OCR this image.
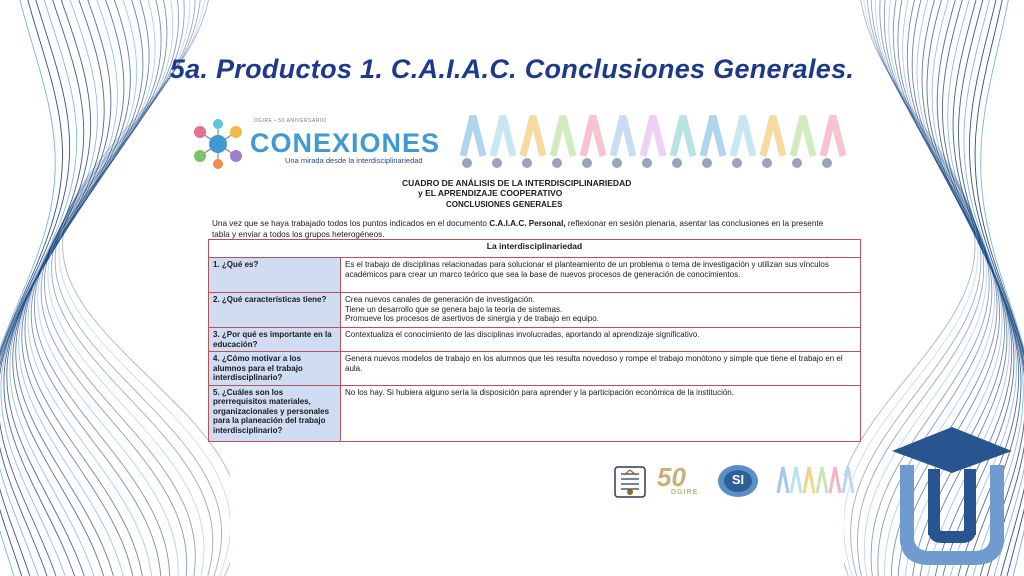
5a. Productos 1. C.A.I.A.C. Conclusiones Generales.
DGIRE • 50 ANIVERSARIO
CONEXIONES
Una mirada desde la interdisciplinariedad
CUADRO DE ANÁLISIS DE LA INTERDISCIPLINARIEDAD
y EL APRENDIZAJE COOPERATIVO
CONCLUSIONES GENERALES
Una vez que se haya trabajado todos los puntos indicados en el documento C.A.I.A.C. Personal, reflexionar en sesión plenaria, asentar las conclusiones en la presente tabla y enviar a todos los grupos heterogéneos.
La interdisciplinariedad	
1. ¿Qué es?	Es el trabajo de disciplinas relacionadas para solucionar el planteamiento de un problema o tema de investigación y utilizan sus vínculos académicos para crear un marco teórico que sea la base de nuevos procesos de generación de conocimientos.
2. ¿Qué características tiene?	Crea nuevos canales de generación de investigación.
Tiene un desarrollo que se genera bajo la teoría de sistemas.
Promueve los procesos de asertivos de sinergia y de trabajo en equipo.
3. ¿Por qué es importante en la educación?	Contextualiza el conocimiento de las disciplinas involucradas, aportando al aprendizaje significativo.
4. ¿Cómo motivar a los alumnos para el trabajo interdisciplinario?	Genera nuevos modelos de trabajo en los alumnos que les resulta novedoso y rompe el trabajo monótono y simple que tiene el trabajo en el aula.
5. ¿Cuáles son los prerrequisitos materiales, organizacionales y personales para la planeación del trabajo interdisciplinario?	No los hay. Si hubiera alguno sería la disposición para aprender y la participación económica de la institución.
50
DGIRE
SI
